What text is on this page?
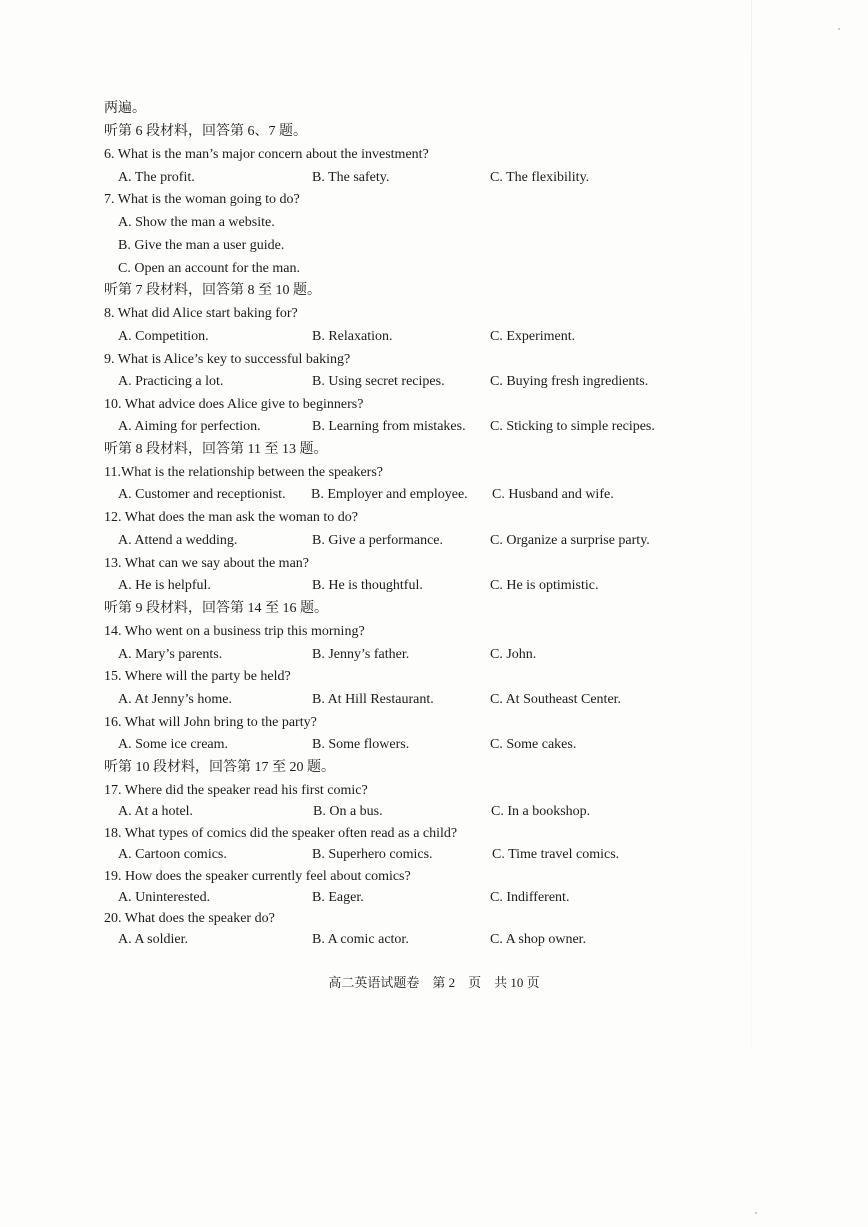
两遍。
听第 6 段材料，回答第 6、7 题。
6. What is the man’s major concern about the investment?
A. The profit.	B. The safety.	C. The flexibility.
7. What is the woman going to do?
A. Show the man a website.
B. Give the man a user guide.
C. Open an account for the man.
听第 7 段材料，回答第 8 至 10 题。
8. What did Alice start baking for?
A. Competition.	B. Relaxation.	C. Experiment.
9. What is Alice’s key to successful baking?
A. Practicing a lot.	B. Using secret recipes.	C. Buying fresh ingredients.
10. What advice does Alice give to beginners?
A. Aiming for perfection.	B. Learning from mistakes. C. Sticking to simple recipes.
听第 8 段材料，回答第 11 至 13 题。
11.What is the relationship between the speakers?
A. Customer and receptionist. B. Employer and employee. C. Husband and wife.
12. What does the man ask the woman to do?
A. Attend a wedding.	B. Give a performance.	C. Organize a surprise party.
13. What can we say about the man?
A. He is helpful.	B. He is thoughtful.	C. He is optimistic.
听第 9 段材料，回答第 14 至 16 题。
14. Who went on a business trip this morning?
A. Mary’s parents.	B. Jenny’s father.	C. John.
15. Where will the party be held?
A. At Jenny’s home.	B. At Hill Restaurant.	C. At Southeast Center.
16. What will John bring to the party?
A. Some ice cream.	B. Some flowers.	C. Some cakes.
听第 10 段材料，回答第 17 至 20 题。
17. Where did the speaker read his first comic?
A. At a hotel.	B. On a bus.	C. In a bookshop.
18. What types of comics did the speaker often read as a child?
A. Cartoon comics.	B. Superhero comics.	C. Time travel comics.
19. How does the speaker currently feel about comics?
A. Uninterested.	B. Eager.	C. Indifferent.
20. What does the speaker do?
A. A soldier.	B. A comic actor.	C. A shop owner.
高二英语试题卷　第 2　页　共 10 页
